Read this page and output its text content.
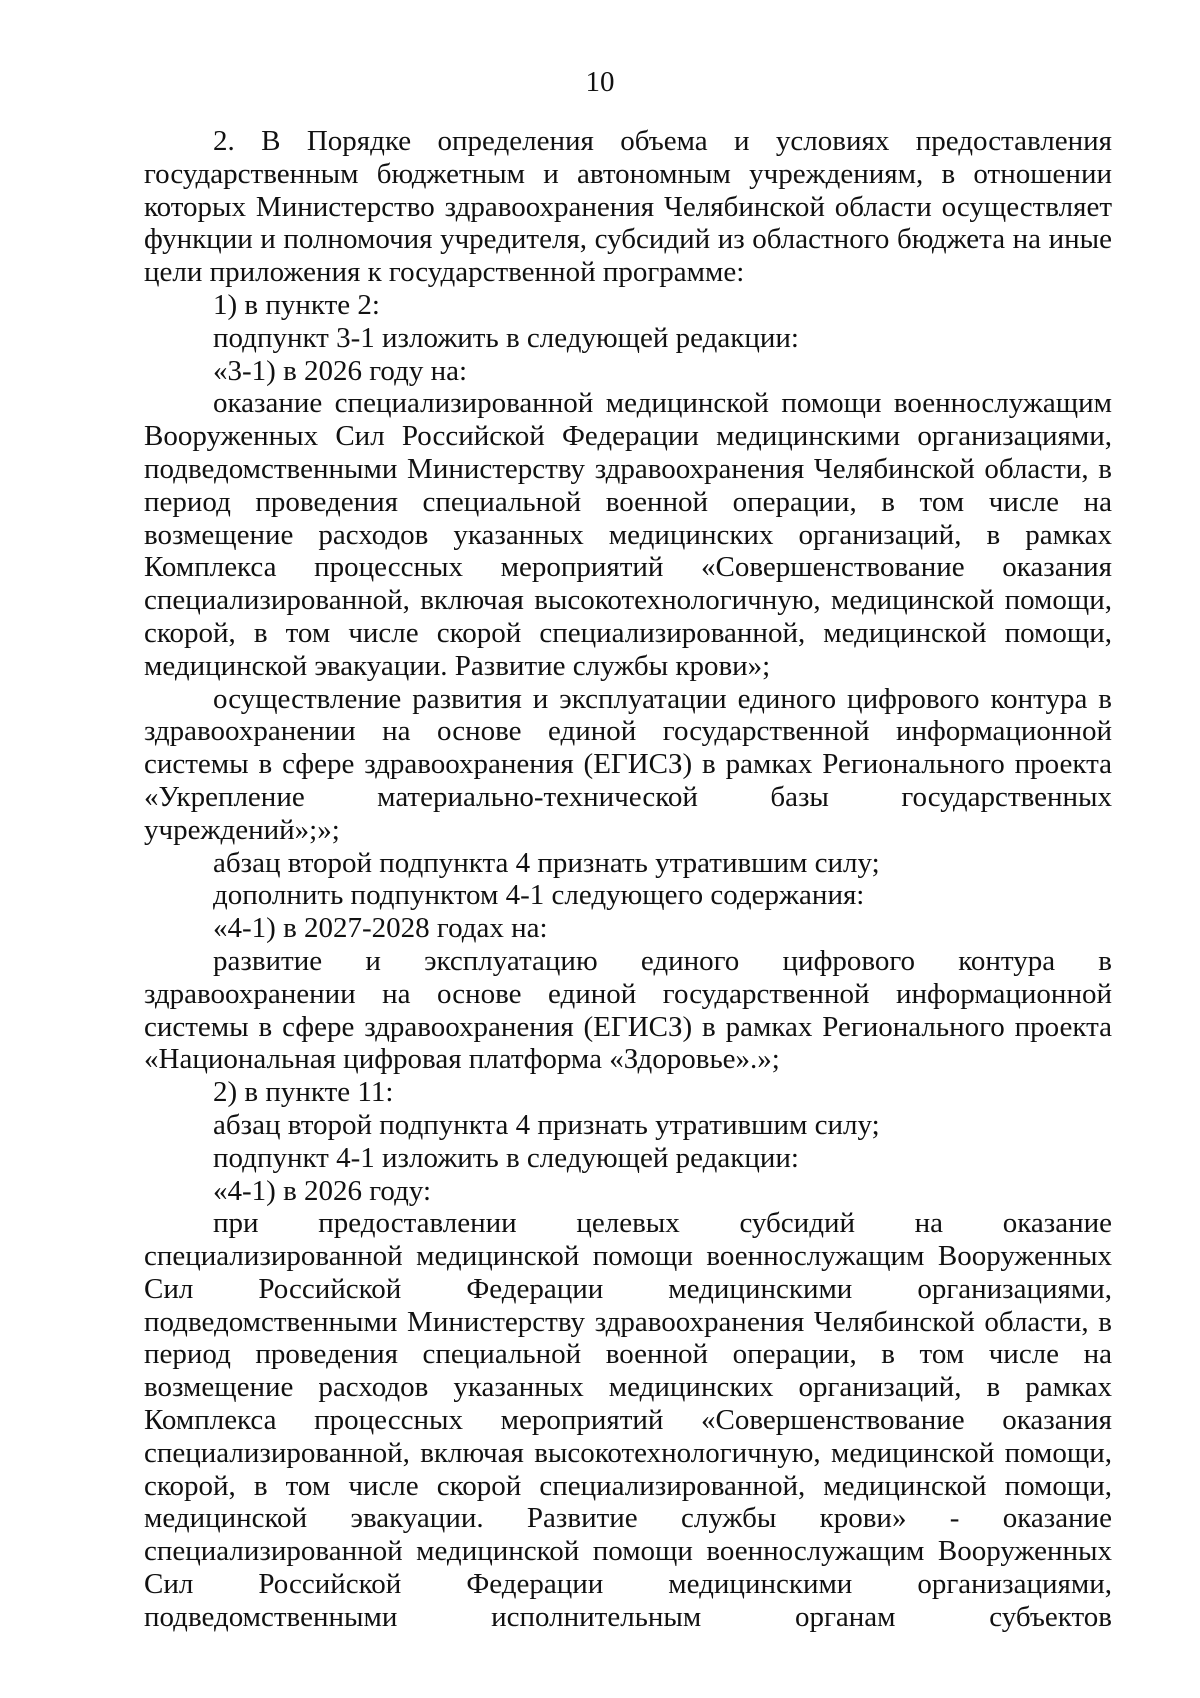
10

2. В Порядке определения объема и условиях предоставления государственным бюджетным и автономным учреждениям, в отношении которых Министерство здравоохранения Челябинской области осуществляет функции и полномочия учредителя, субсидий из областного бюджета на иные цели приложения к государственной программе:

1) в пункте 2:

подпункт 3-1 изложить в следующей редакции:

«3-1) в 2026 году на:

оказание специализированной медицинской помощи военнослужащим Вооруженных Сил Российской Федерации медицинскими организациями, подведомственными Министерству здравоохранения Челябинской области, в период проведения специальной военной операции, в том числе на возмещение расходов указанных медицинских организаций, в рамках Комплекса процессных мероприятий «Совершенствование оказания специализированной, включая высокотехнологичную, медицинской помощи, скорой, в том числе скорой специализированной, медицинской помощи, медицинской эвакуации. Развитие службы крови»;

осуществление развития и эксплуатации единого цифрового контура в здравоохранении на основе единой государственной информационной системы в сфере здравоохранения (ЕГИСЗ) в рамках Регионального проекта «Укрепление материально-технической базы государственных учреждений»;»;

абзац второй подпункта 4 признать утратившим силу;

дополнить подпунктом 4-1 следующего содержания:

«4-1) в 2027-2028 годах на:

развитие и эксплуатацию единого цифрового контура в здравоохранении на основе единой государственной информационной системы в сфере здравоохранения (ЕГИСЗ) в рамках Регионального проекта «Национальная цифровая платформа «Здоровье».»;

2) в пункте 11:

абзац второй подпункта 4 признать утратившим силу;

подпункт 4-1 изложить в следующей редакции:

«4-1) в 2026 году:

при предоставлении целевых субсидий на оказание специализированной медицинской помощи военнослужащим Вооруженных Сил Российской Федерации медицинскими организациями, подведомственными Министерству здравоохранения Челябинской области, в период проведения специальной военной операции, в том числе на возмещение расходов указанных медицинских организаций, в рамках Комплекса процессных мероприятий «Совершенствование оказания специализированной, включая высокотехнологичную, медицинской помощи, скорой, в том числе скорой специализированной, медицинской помощи, медицинской эвакуации. Развитие службы крови» - оказание специализированной медицинской помощи военнослужащим Вооруженных Сил Российской Федерации медицинскими организациями, подведомственными исполнительным органам субъектов
